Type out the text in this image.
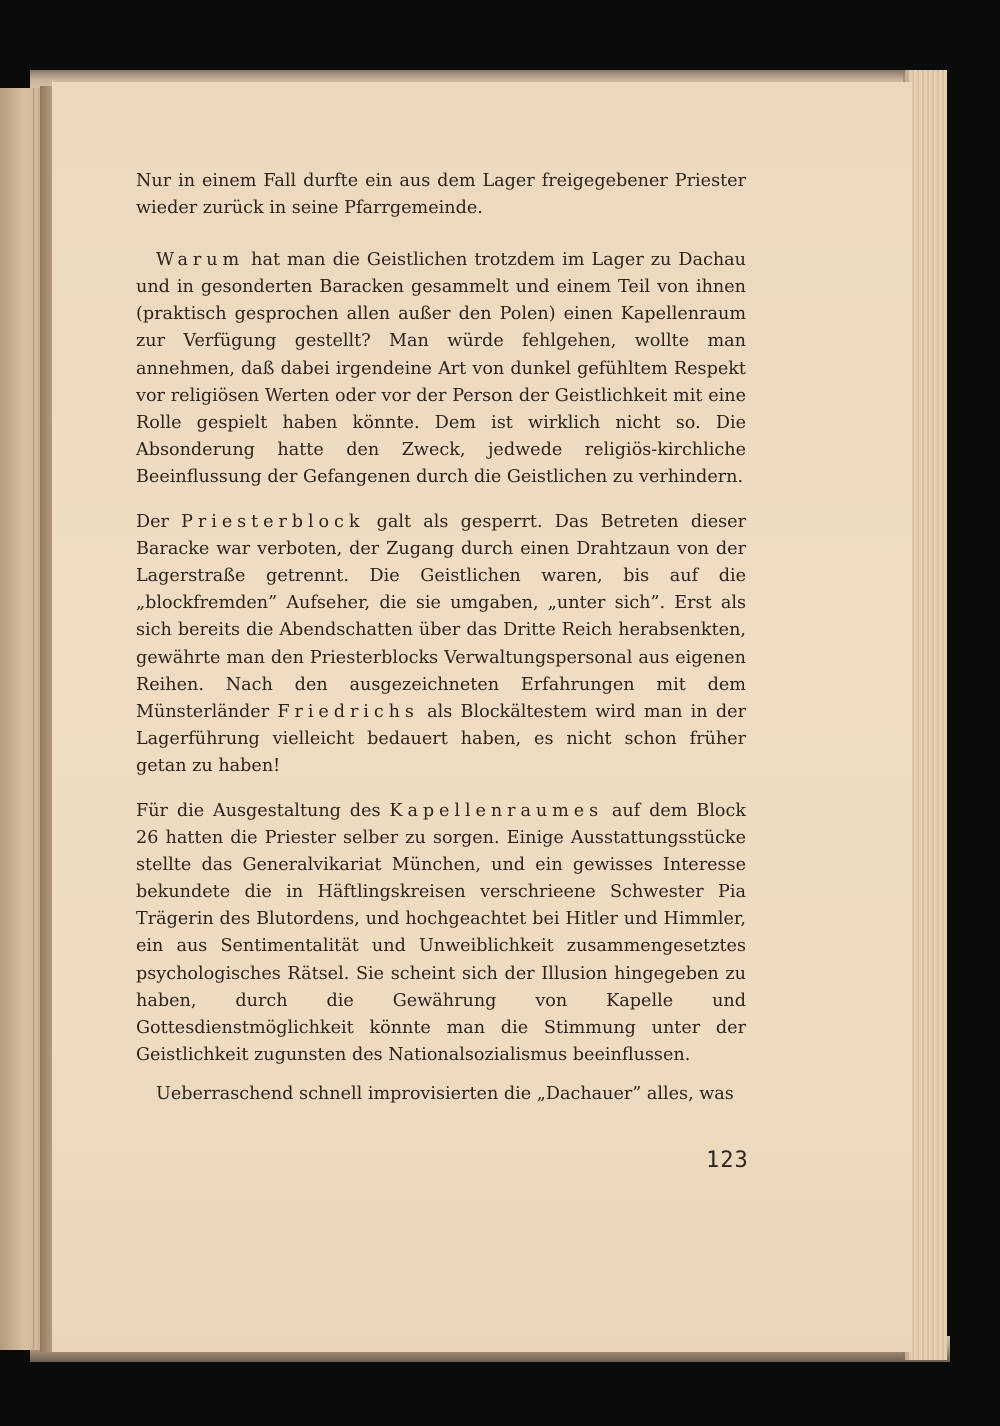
Nur in einem Fall durfte ein aus dem Lager freigegebener Priester wieder zurück in seine Pfarrgemeinde.

Warum hat man die Geistlichen trotzdem im Lager zu Dachau und in gesonderten Baracken gesammelt und einem Teil von ihnen (praktisch gesprochen allen außer den Polen) einen Kapellenraum zur Verfügung gestellt? Man würde fehlgehen, wollte man annehmen, daß dabei irgendeine Art von dunkel gefühltem Respekt vor religiösen Werten oder vor der Person der Geistlichkeit mit eine Rolle gespielt haben könnte. Dem ist wirklich nicht so. Die Absonderung hatte den Zweck, jedwede religiös-kirchliche Beeinflussung der Gefangenen durch die Geistlichen zu verhindern.

Der Priesterblock galt als gesperrt. Das Betreten dieser Baracke war verboten, der Zugang durch einen Drahtzaun von der Lagerstraße getrennt. Die Geistlichen waren, bis auf die „blockfremden” Aufseher, die sie umgaben, „unter sich”. Erst als sich bereits die Abendschatten über das Dritte Reich herabsenkten, gewährte man den Priesterblocks Verwaltungspersonal aus eigenen Reihen. Nach den ausgezeichneten Erfahrungen mit dem Münsterländer Friedrichs als Blockältestem wird man in der Lagerführung vielleicht bedauert haben, es nicht schon früher getan zu haben!

Für die Ausgestaltung des Kapellenraumes auf dem Block 26 hatten die Priester selber zu sorgen. Einige Ausstattungsstücke stellte das Generalvikariat München, und ein gewisses Interesse bekundete die in Häftlingskreisen verschrieene Schwester Pia Trägerin des Blutordens, und hochgeachtet bei Hitler und Himmler, ein aus Sentimentalität und Unweiblichkeit zusammengesetztes psychologisches Rätsel. Sie scheint sich der Illusion hingegeben zu haben, durch die Gewährung von Kapelle und Gottesdienstmöglichkeit könnte man die Stimmung unter der Geistlichkeit zugunsten des Nationalsozialismus beeinflussen.

Ueberraschend schnell improvisierten die „Dachauer” alles, was

123
